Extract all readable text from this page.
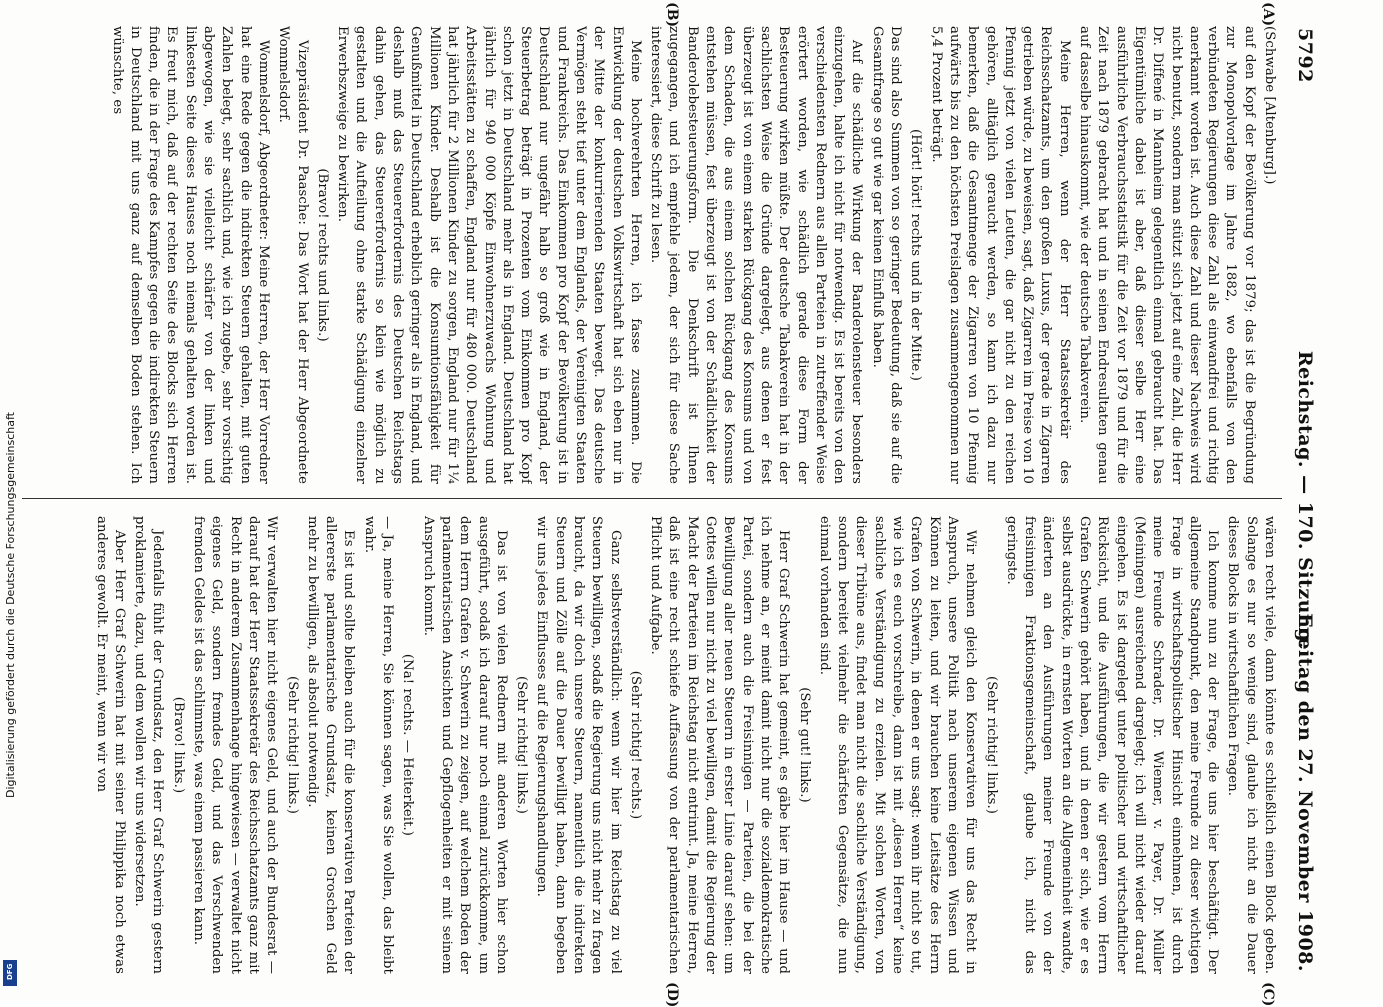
5792
Reichstag. — 170. Sitzung.
Freitag den 27. November 1908.

(Schwabe [Altenburg].)

auf den Kopf der Bevölkerung vor 1879; das ist die Begründung zur Monopolvorlage im Jahre 1882, wo ebenfalls von den verbündeten Regierungen diese Zahl als einwandfrei und richtig anerkannt worden ist. Auch diese Zahl und dieser Nachweis wird nicht benutzt, sondern man stützt sich jetzt auf eine Zahl, die Herr Dr. Diffené in Mannheim gelegentlich einmal gebraucht hat. Das Eigentümliche dabei ist aber, daß dieser selbe Herr eine ausführliche Verbrauchsstatistik für die Zeit vor 1879 und für die Zeit nach 1879 gebracht hat und in seinen Endresultaten genau auf dasselbe hinauskommt, wie der deutsche Tabakverein.

Meine Herren, wenn der Herr Staatssekretär des Reichsschatzamts, um den großen Luxus, der gerade in Zigarren getrieben würde, zu beweisen, sagt, daß Zigarren im Preise von 10 Pfennig jetzt von vielen Leuten, die gar nicht zu den reichen gehören, alltäglich geraucht werden, so kann ich dazu nur bemerken, daß die Gesamtmenge der Zigarren von 10 Pfennig aufwärts bis zu den höchsten Preislagen zusammengenommen nur 5,4 Prozent beträgt.

(Hört! hört! rechts und in der Mitte.)

Das sind also Summen von so geringer Bedeutung, daß sie auf die Gesamtfrage so gut wie gar keinen Einfluß haben.

Auf die schädliche Wirkung der Banderolensteuer besonders einzugehen, halte ich nicht für notwendig. Es ist bereits von den verschiedensten Rednern aus allen Parteien in zutreffender Weise erörtert worden, wie schädlich gerade diese Form der Besteuerung wirken müßte. Der deutsche Tabakverein hat in der sachlichsten Weise die Gründe dargelegt, aus denen er fest überzeugt ist von einem starken Rückgang des Konsums und von dem Schaden, die aus einem solchen Rückgang des Konsums entstehen müssen, fest überzeugt ist von der Schädlichkeit der Banderolebesteuerungsform. Die Denkschrift ist Ihnen zugegangen, und ich empfehle jedem, der sich für diese Sache interessiert, diese Schrift zu lesen.

Meine hochverehrten Herren, ich fasse zusammen. Die Entwicklung der deutschen Volkswirtschaft hat sich eben nur in der Mitte der konkurrierenden Staaten bewegt. Das deutsche Vermögen steht tief unter dem Englands, der Vereinigten Staaten und Frankreichs. Das Einkommen pro Kopf der Bevölkerung ist in Deutschland nur ungefähr halb so groß wie in England, der Steuerbetrag beträgt in Prozenten vom Einkommen pro Kopf schon jetzt in Deutschland mehr als in England. Deutschland hat jährlich für 940 000 Köpfe Einwohnerzuwachs Wohnung und Arbeitsstätten zu schaffen, England nur für 480 000. Deutschland hat jährlich für 2 Millionen Kinder zu sorgen, England nur für 1¼ Millionen Kinder. Deshalb ist die Konsumtionsfähigkeit für Genußmittel in Deutschland erheblich geringer als in England, und deshalb muß das Steuererfordernis des Deutschen Reichstags dahin gehen, das Steuererfordernis so klein wie möglich zu gestalten und die Aufteilung ohne starke Schädigung einzelner Erwerbszweige zu bewirken.

(Bravo! rechts und links.)

Vizepräsident Dr. Paasche: Das Wort hat der Herr Abgeordnete Wommelsdorf.

Wommelsdorf, Abgeordneter: Meine Herren, der Herr Vorredner hat eine Rede gegen die indirekten Steuern gehalten, mit guten Zahlen belegt, sehr sachlich und, wie ich zugebe, sehr vorsichtig abgewogen, wie sie vielleicht schärfer von der linken und linkesten Seite dieses Hauses noch niemals gehalten worden ist. Es freut mich, daß auf der rechten Seite des Blocks sich Herren finden, die in der Frage des Kampfes gegen die indirekten Steuern in Deutschland mit uns ganz auf demselben Boden stehen. Ich wünschte, es

wären recht viele, dann könnte es schließlich einen Block geben. Solange es nur so wenige sind, glaube ich nicht an die Dauer dieses Blocks in wirtschaftlichen Fragen.

Ich komme nun zu der Frage, die uns hier beschäftigt. Der allgemeine Standpunkt, den meine Freunde zu dieser wichtigen Frage in wirtschaftspolitischer Hinsicht einnehmen, ist durch meine Freunde Schrader, Dr. Wiemer, v. Payer, Dr. Müller (Meiningen) ausreichend dargelegt; ich will nicht wieder darauf eingehen. Es ist dargelegt unter politischer und wirtschaftlicher Rücksicht, und die Ausführungen, die wir gestern vom Herrn Grafen Schwerin gehört haben, und in denen er sich, wie er es selbst ausdrückte, in ernsten Worten an die Allgemeinheit wandte, änderten an den Ausführungen meiner Freunde von der freisinnigen Fraktionsgemeinschaft, glaube ich, nicht das geringste.

(Sehr richtig! links.)

Wir nehmen gleich den Konservativen für uns das Recht in Anspruch, unsere Politik nach unserem eigenen Wissen und Können zu leiten, und wir brauchen keine Leitsätze des Herrn Grafen von Schwerin, in denen er uns sagt: wenn ihr nicht so tut, wie ich es euch vorschreibe, dann ist mit „diesen Herren“ keine sachliche Verständigung zu erzielen. Mit solchen Worten, von dieser Tribüne aus, findet man nicht die sachliche Verständigung, sondern bereitet vielmehr die schärfsten Gegensätze, die nun einmal vorhanden sind.

(Sehr gut! links.)

Herr Graf Schwerin hat gemeint, es gäbe hier im Hause — und ich nehme an, er meint damit nicht nur die sozialdemokratische Partei, sondern auch die Freisinnigen — Parteien, die bei der Bewilligung aller neuen Steuern in erster Linie darauf sehen: um Gottes willen nur nicht zu viel bewilligen, damit die Regierung der Macht der Parteien im Reichstag nicht entrinnt. Ja, meine Herren, daß ist eine recht schiefe Auffassung von der parlamentarischen Pflicht und Aufgabe.

(Sehr richtig! rechts.)

Ganz selbstverständlich: wenn wir hier im Reichstag zu viel Steuern bewilligen, sodaß die Regierung uns nicht mehr zu fragen braucht, da wir doch unsere Steuern, namentlich die indirekten Steuern und Zölle auf die Dauer bewilligt haben, dann begeben wir uns jedes Einflusses auf die Regierungshandlungen.

(Sehr richtig! links.)

Das ist von vielen Rednern mit anderen Worten hier schon ausgeführt, sodaß ich darauf nur noch einmal zurückkomme, um dem Herrn Grafen v. Schwerin zu zeigen, auf welchem Boden der parlamentarischen Ansichten und Gepflogenheiten er mit seinem Anspruch kommt.

(Na! rechts. — Heiterkeit.)

— Ja, meine Herren, Sie können sagen, was Sie wollen, das bleibt wahr.

Es ist und sollte bleiben auch für die konservativen Parteien der allererste parlamentarische Grundsatz, keinen Groschen Geld mehr zu bewilligen, als absolut notwendig.

(Sehr richtig! links.)

Wir verwalten hier nicht eigenes Geld, und auch der Bundesrat — darauf hat der Herr Staatssekretär des Reichsschatzamts ganz mit Recht in anderem Zusammenhange hingewiesen — verwaltet nicht eigenes Geld, sondern fremdes Geld, und das Verschwenden fremden Geldes ist das schlimmste, was einem passieren kann.

(Bravo! links.)

Jedenfalls fühlt der Grundsatz, den Herr Graf Schwerin gestern proklamierte, dazu, und dem wollen wir uns widersetzen.

Aber Herr Graf Schwerin hat mit seiner Philippika noch etwas anderes gewollt. Er meint, wenn wir von

(A)
(B)
(C)
(D)
Digitalisierung gefördert durch die Deutsche Forschungsgemeinschaft
DFG
